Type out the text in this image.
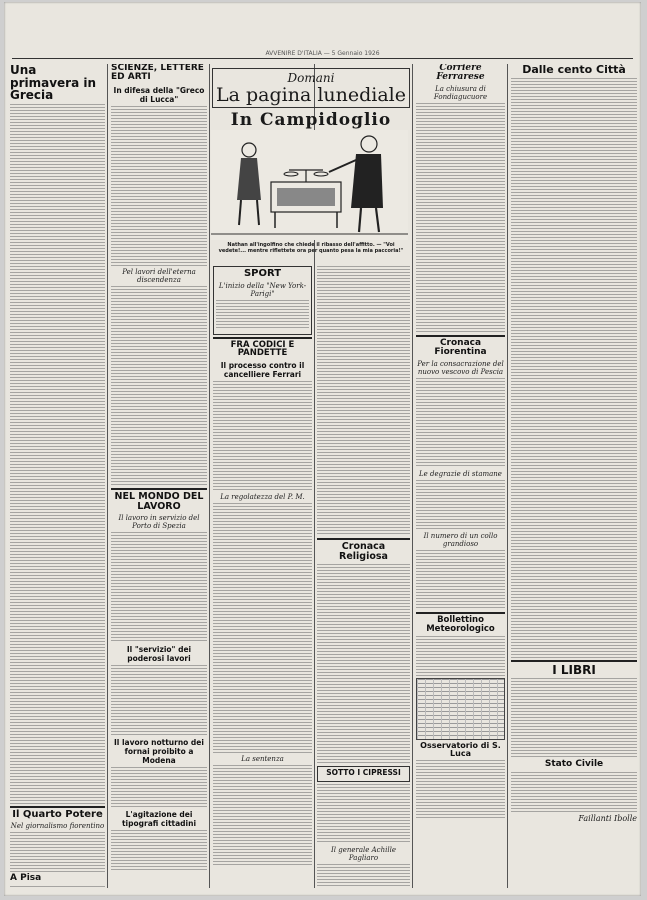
AVVENIRE D'ITALIA — 5 Gennaio 1926
Una primavera in Grecia
Il Quarto Potere
Nel giornalismo fiorentino
A Pisa
SCIENZE, LETTERE ED ARTI
In difesa della "Greco di Lucca"
Pel lavori dell'eterna discendenza
NEL MONDO DEL LAVORO
Il lavoro in servizio del Porto di Spezia
Il "servizio" dei poderosi lavori
Il lavoro notturno dei fornai proibito a Modena
L'agitazione dei tipografi cittadini
Domani
La pagina lunediale
In Campidoglio
Nathan all'ingolfino che chiede il ribasso dell'affitto. — "Voi vedete!... mentre riflettete ora per quanto pesa la mia paccoria!"
SPORT
L'inizio della "New York-Parigi"
FRA CODICI E PANDETTE
Il processo contro il cancelliere Ferrari
La regolatezza del P. M.
La sentenza
Cronaca Religiosa
SOTTO I CIPRESSI
Il generale Achille Pagliaro
Corriere Ferrarese
La chiusura di Fondiagucuore
Cronaca Fiorentina
Per la consacrazione del nuovo vescovo di Pescia
Le degrazie di stamane
Il numero di un collo grandioso
Bollettino Meteorologico
Osservatorio di S. Luca
Dalle cento Città
I LIBRI
Stato Civile
Faillanti Ibolle
